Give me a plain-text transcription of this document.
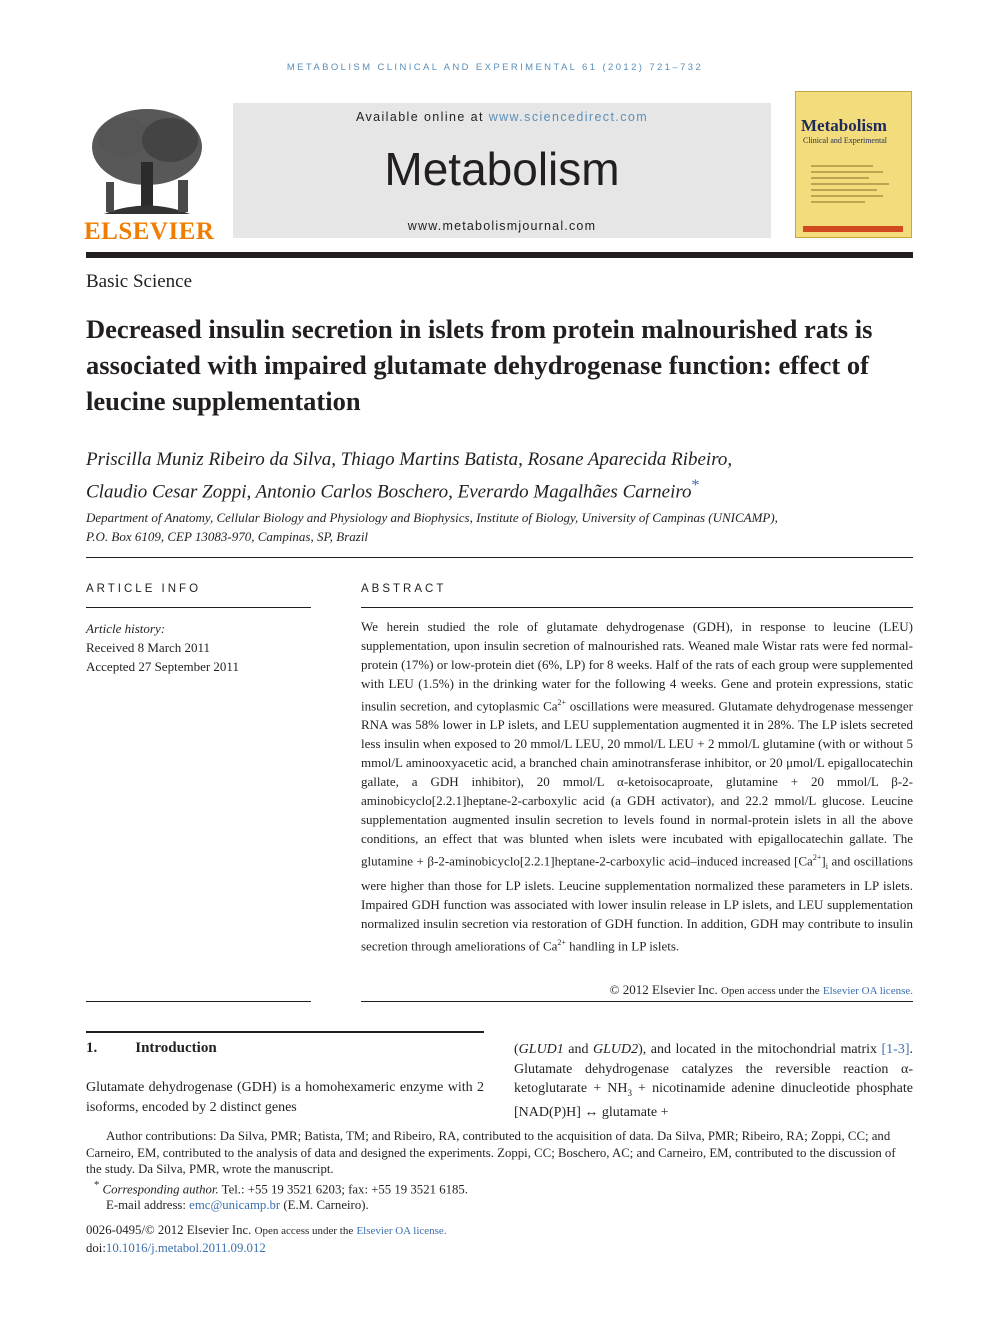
METABOLISM CLINICAL AND EXPERIMENTAL 61 (2012) 721–732
ELSEVIER
Available online at www.sciencedirect.com
Metabolism
www.metabolismjournal.com
Metabolism
Clinical and Experimental
Basic Science
Decreased insulin secretion in islets from protein malnourished rats is associated with impaired glutamate dehydrogenase function: effect of leucine supplementation
Priscilla Muniz Ribeiro da Silva, Thiago Martins Batista, Rosane Aparecida Ribeiro,
Claudio Cesar Zoppi, Antonio Carlos Boschero, Everardo Magalhães Carneiro*
Department of Anatomy, Cellular Biology and Physiology and Biophysics, Institute of Biology, University of Campinas (UNICAMP),
P.O. Box 6109, CEP 13083-970, Campinas, SP, Brazil
ARTICLE INFO
Article history:
Received 8 March 2011
Accepted 27 September 2011
ABSTRACT
We herein studied the role of glutamate dehydrogenase (GDH), in response to leucine (LEU) supplementation, upon insulin secretion of malnourished rats. Weaned male Wistar rats were fed normal-protein (17%) or low-protein diet (6%, LP) for 8 weeks. Half of the rats of each group were supplemented with LEU (1.5%) in the drinking water for the following 4 weeks. Gene and protein expressions, static insulin secretion, and cytoplasmic $Ca^{2+}$ oscillations were measured. Glutamate dehydrogenase messenger RNA was 58% lower in LP islets, and LEU supplementation augmented it in 28%. The LP islets secreted less insulin when exposed to 20 mmol/L LEU, 20 mmol/L LEU + 2 mmol/L glutamine (with or without 5 mmol/L aminooxyacetic acid, a branched chain aminotransferase inhibitor, or 20 μmol/L epigallocatechin gallate, a GDH inhibitor), 20 mmol/L α-ketoisocaproate, glutamine + 20 mmol/L β-2-aminobicyclo[2.2.1]heptane-2-carboxylic acid (a GDH activator), and 22.2 mmol/L glucose. Leucine supplementation augmented insulin secretion to levels found in normal-protein islets in all the above conditions, an effect that was blunted when islets were incubated with epigallocatechin gallate. The glutamine + β-2-aminobicyclo[2.2.1]heptane-2-carboxylic acid–induced increased $[Ca^{2+}]_i$ and oscillations were higher than those for LP islets. Leucine supplementation normalized these parameters in LP islets. Impaired GDH function was associated with lower insulin release in LP islets, and LEU supplementation normalized insulin secretion via restoration of GDH function. In addition, GDH may contribute to insulin secretion through ameliorations of $Ca^{2+}$ handling in LP islets.
© 2012 Elsevier Inc. Open access under the Elsevier OA license.
1.	Introduction
Glutamate dehydrogenase (GDH) is a homohexameric enzyme with 2 isoforms, encoded by 2 distinct genes
(GLUD1 and GLUD2), and located in the mitochondrial matrix [1-3]. Glutamate dehydrogenase catalyzes the reversible reaction α-ketoglutarate + $NH_3$ + nicotinamide adenine dinucleotide phosphate [NAD(P)H] ↔ glutamate +
Author contributions: Da Silva, PMR; Batista, TM; and Ribeiro, RA, contributed to the acquisition of data. Da Silva, PMR; Ribeiro, RA; Zoppi, CC; and Carneiro, EM, contributed to the analysis of data and designed the experiments. Zoppi, CC; Boschero, AC; and Carneiro, EM, contributed to the discussion of the study. Da Silva, PMR, wrote the manuscript.
* Corresponding author. Tel.: +55 19 3521 6203; fax: +55 19 3521 6185.
E-mail address: emc@unicamp.br (E.M. Carneiro).
0026-0495/© 2012 Elsevier Inc. Open access under the Elsevier OA license.
doi:10.1016/j.metabol.2011.09.012
